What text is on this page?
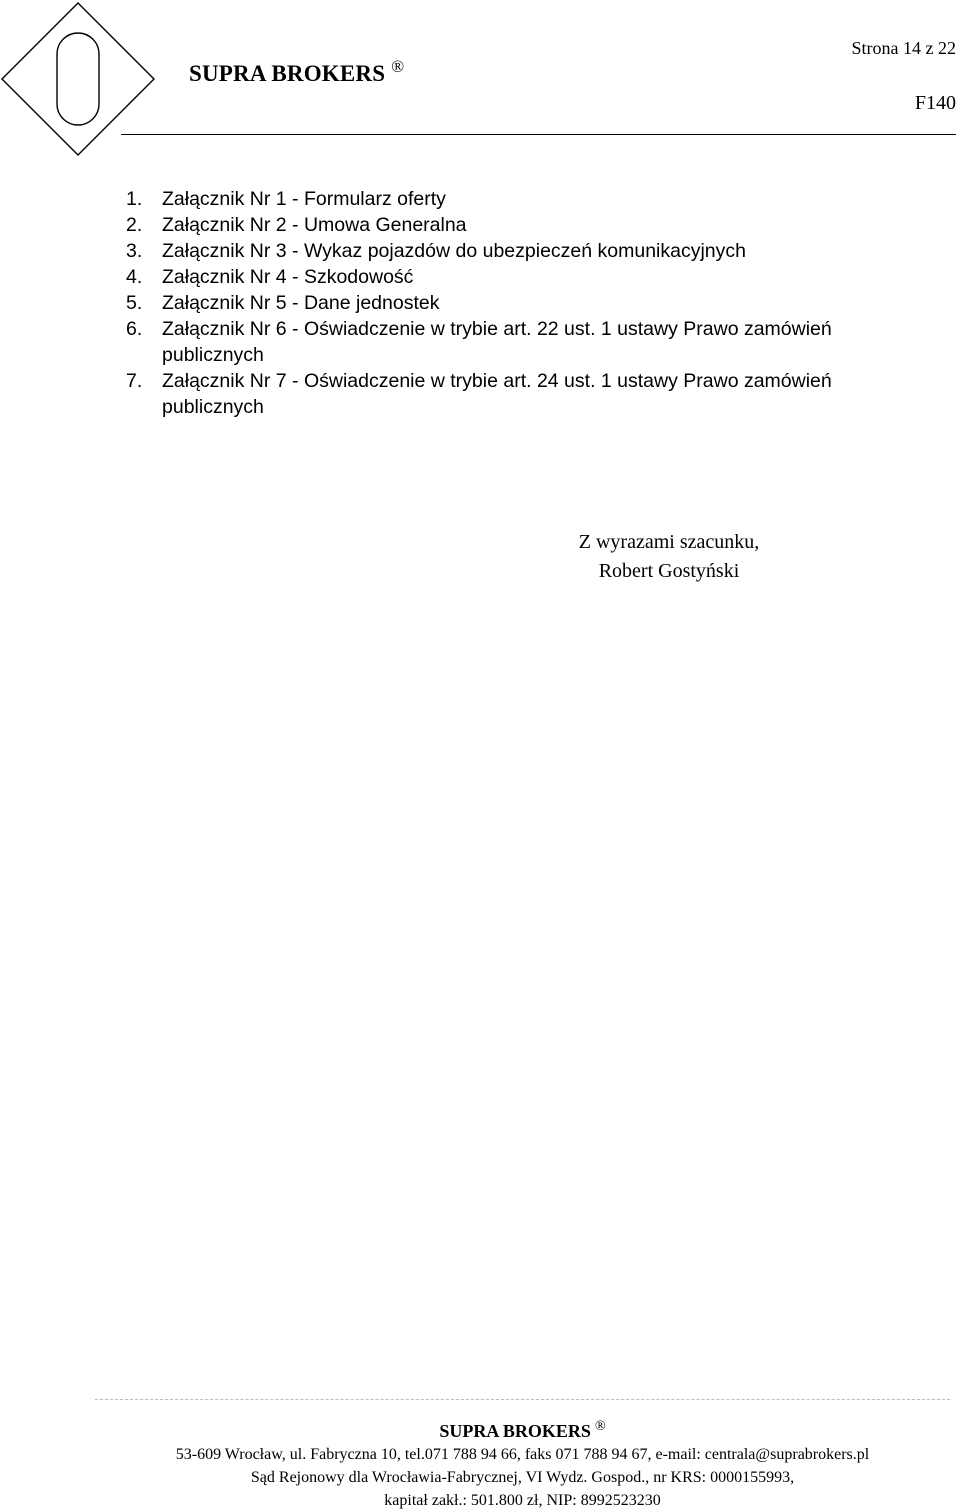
SUPRA BROKERS ®
Strona 14 z 22
F140
1. Załącznik Nr 1 - Formularz oferty
2. Załącznik Nr 2 - Umowa Generalna
3. Załącznik Nr 3 - Wykaz pojazdów do ubezpieczeń komunikacyjnych
4. Załącznik Nr 4 - Szkodowość
5. Załącznik Nr 5 - Dane jednostek
6. Załącznik Nr 6 - Oświadczenie w trybie art. 22 ust. 1 ustawy Prawo zamówień publicznych
7. Załącznik Nr 7 - Oświadczenie w trybie art. 24 ust. 1 ustawy Prawo zamówień publicznych
Z wyrazami szacunku,
Robert Gostyński
SUPRA BROKERS ®
53-609 Wrocław, ul. Fabryczna 10, tel.071 788 94 66, faks 071 788 94 67, e-mail: centrala@suprabrokers.pl
Sąd Rejonowy dla Wrocławia-Fabrycznej, VI Wydz. Gospod., nr KRS: 0000155993,
kapitał zakł.: 501.800 zł, NIP: 8992523230
